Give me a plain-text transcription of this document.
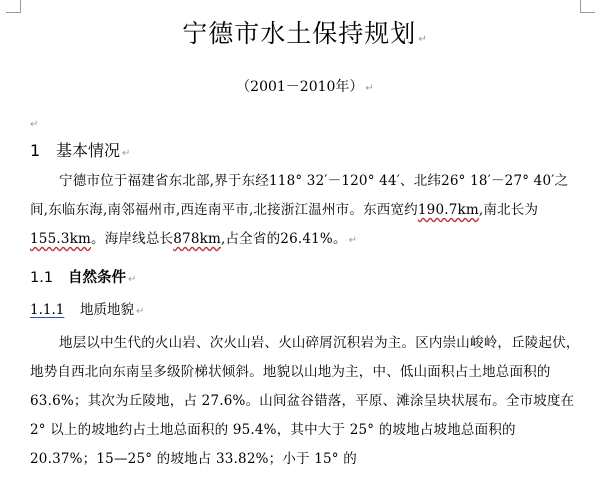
宁德市水土保持规划 ↵
（2001－2010年） ↵
↵
1 基本情况 ↵
宁德市位于福建省东北部,界于东经118° 32′－120° 44′、北纬26° 18′－27° 40′之间,东临东海,南邻福州市,西连南平市,北接浙江温州市。东西宽约190.7km,南北长为155.3km。海岸线总长878km,占全省的26.41%。 ↵
1.1 自然条件 ↵
1.1.1 地质地貌 ↵
地层以中生代的火山岩、次火山岩、火山碎屑沉积岩为主。区内崇山峻岭，丘陵起伏，地势自西北向东南呈多级阶梯状倾斜。地貌以山地为主，中、低山面积占土地总面积的 63.6%；其次为丘陵地，占 27.6%。山间盆谷错落，平原、滩涂呈块状展布。全市坡度在 2° 以上的坡地约占土地总面积的 95.4%，其中大于 25° 的坡地占坡地总面积的 20.37%；15—25° 的坡地占 33.82%；小于 15° 的
